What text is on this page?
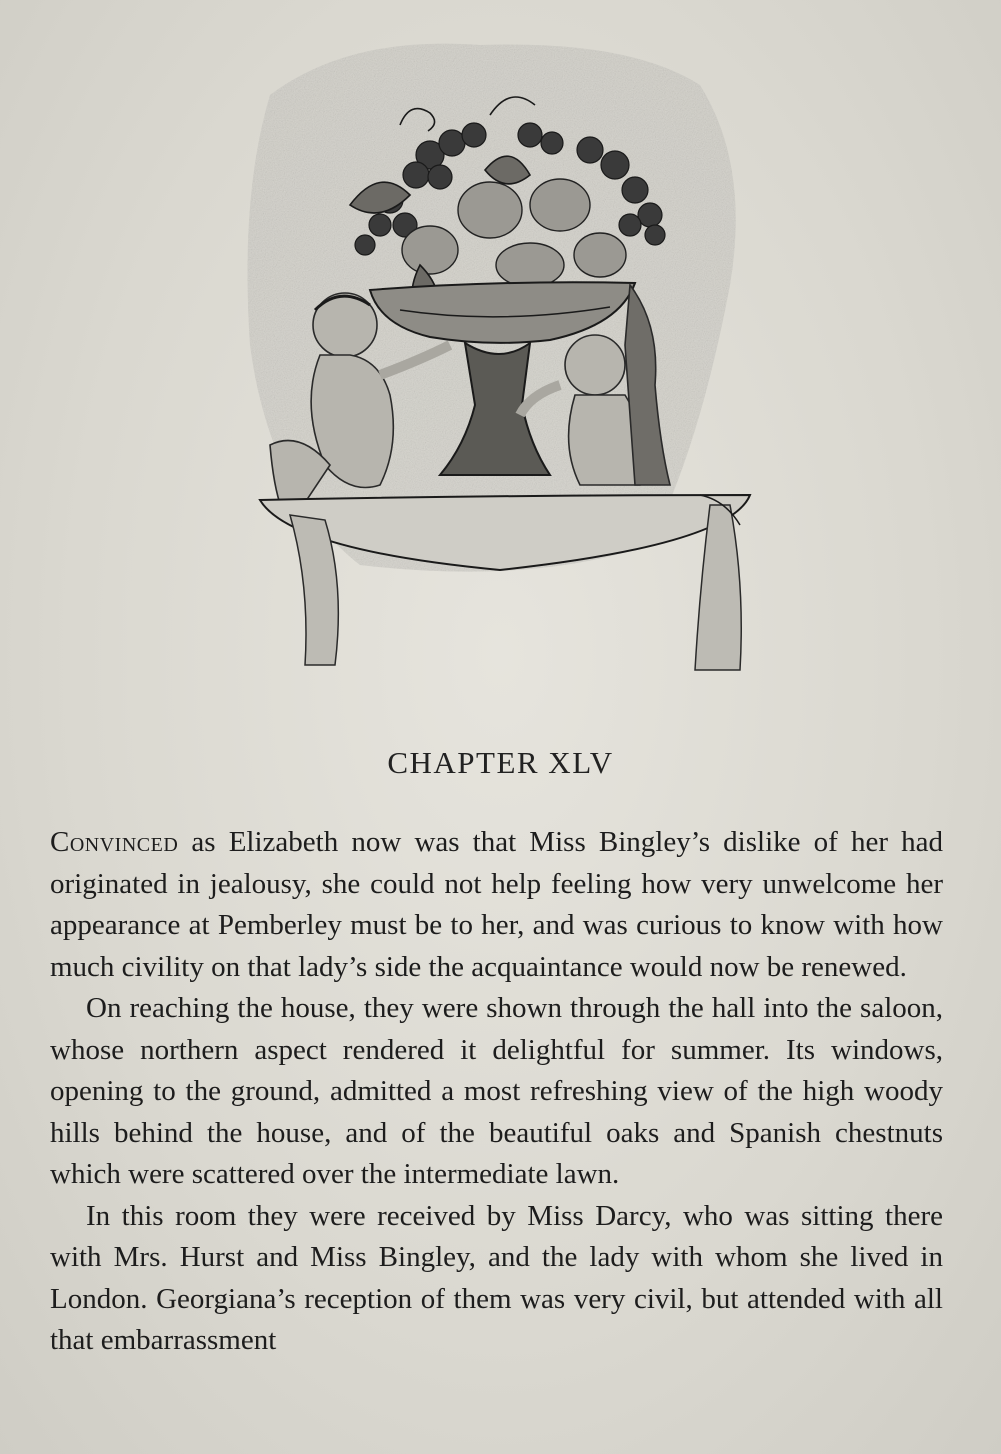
CHAPTER XLV

Convinced as Elizabeth now was that Miss Bingley’s dislike of her had originated in jealousy, she could not help feeling how very unwelcome her appearance at Pemberley must be to her, and was curious to know with how much civility on that lady’s side the acquaintance would now be renewed.

On reaching the house, they were shown through the hall into the saloon, whose northern aspect rendered it delightful for summer. Its windows, opening to the ground, admitted a most refreshing view of the high woody hills behind the house, and of the beautiful oaks and Spanish chestnuts which were scattered over the intermediate lawn.

In this room they were received by Miss Darcy, who was sitting there with Mrs. Hurst and Miss Bingley, and the lady with whom she lived in London. Georgiana’s reception of them was very civil, but attended with all that embarrassment
